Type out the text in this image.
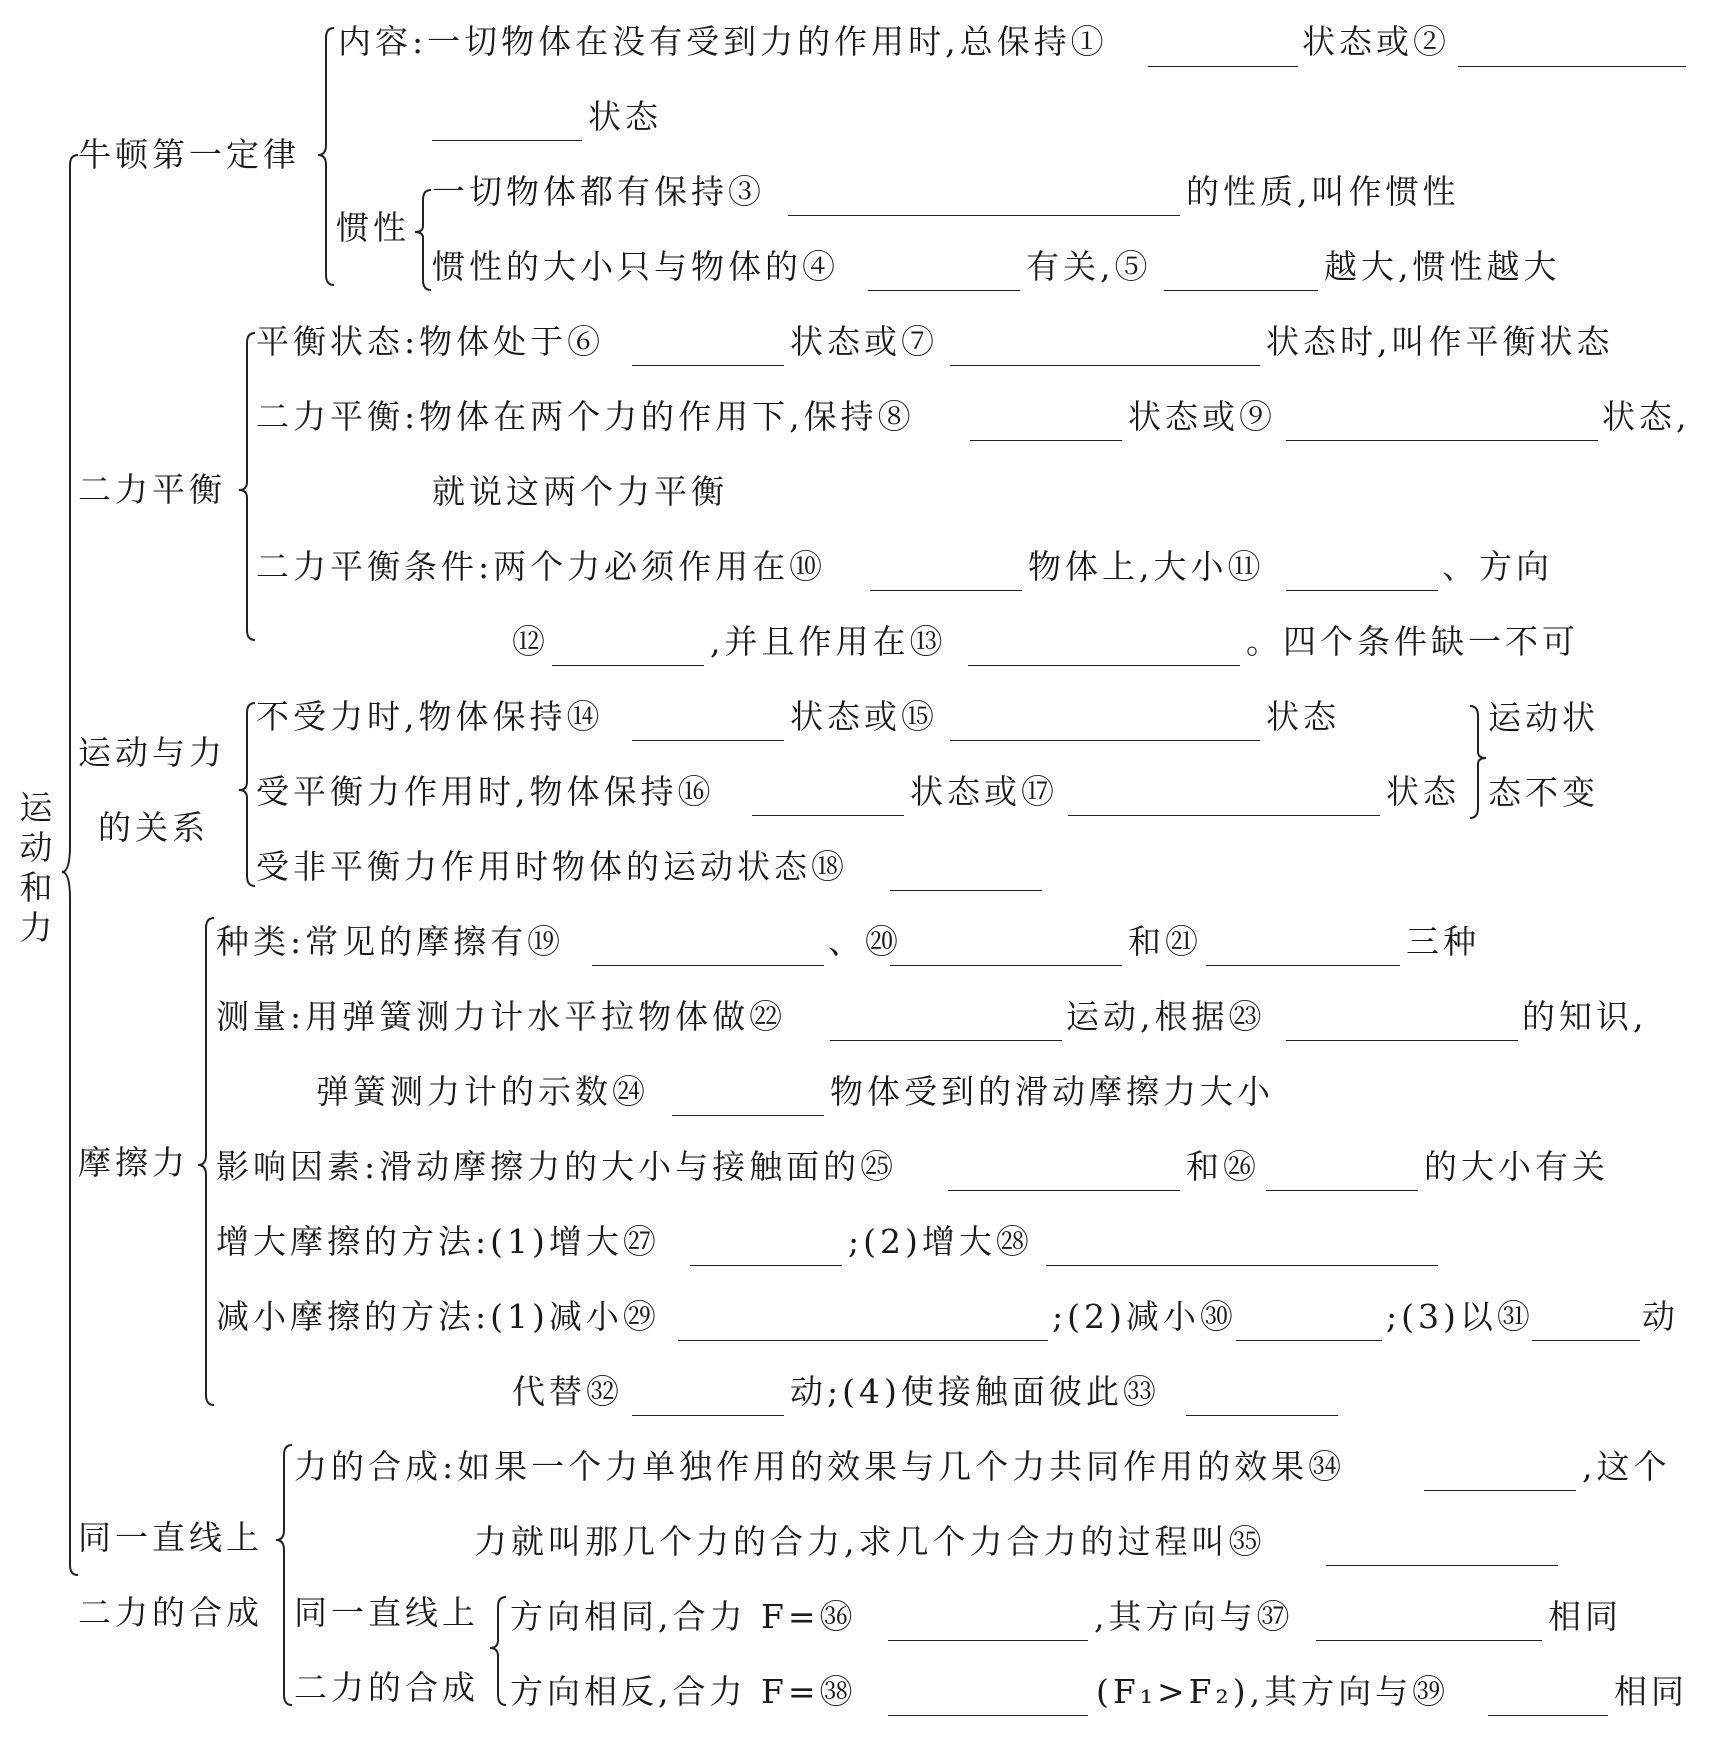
运
动
和
力
牛顿第一定律
惯性
二力平衡
运动与力
的关系
摩擦力
同一直线上
二力的合成 同一直线上
二力的合成
运动状
态不变
内容:一切物体在没有受到力的作用时,总保持①	状态或②
状态
一切物体都有保持③	的性质,叫作惯性
惯性的大小只与物体的④	有关,⑤	越大,惯性越大
平衡状态:物体处于⑥	状态或⑦	状态时,叫作平衡状态
二力平衡:物体在两个力的作用下,保持⑧	状态或⑨	状态,
就说这两个力平衡
二力平衡条件:两个力必须作用在⑩	物体上,大小⑪	、方向
⑫	,并且作用在⑬	。四个条件缺一不可
不受力时,物体保持⑭	状态或⑮	状态
受平衡力作用时,物体保持⑯	状态或⑰	状态
受非平衡力作用时物体的运动状态⑱
种类:常见的摩擦有⑲	、⑳	和㉑	三种
测量:用弹簧测力计水平拉物体做㉒	运动,根据㉓	的知识,
弹簧测力计的示数㉔	物体受到的滑动摩擦力大小
影响因素:滑动摩擦力的大小与接触面的㉕	和㉖	的大小有关
增大摩擦的方法:(1)增大㉗	;(2)增大㉘
减小摩擦的方法:(1)减小㉙	;(2)减小㉚	;(3)以㉛	动
代替㉜	动;(4)使接触面彼此㉝
力的合成:如果一个力单独作用的效果与几个力共同作用的效果㉞	,这个
力就叫那几个力的合力,求几个力合力的过程叫㉟
方向相同,合力 F=㊱	,其方向与㊲	相同
方向相反,合力 F=㊳	(F₁>F₂),其方向与㊴	相同
